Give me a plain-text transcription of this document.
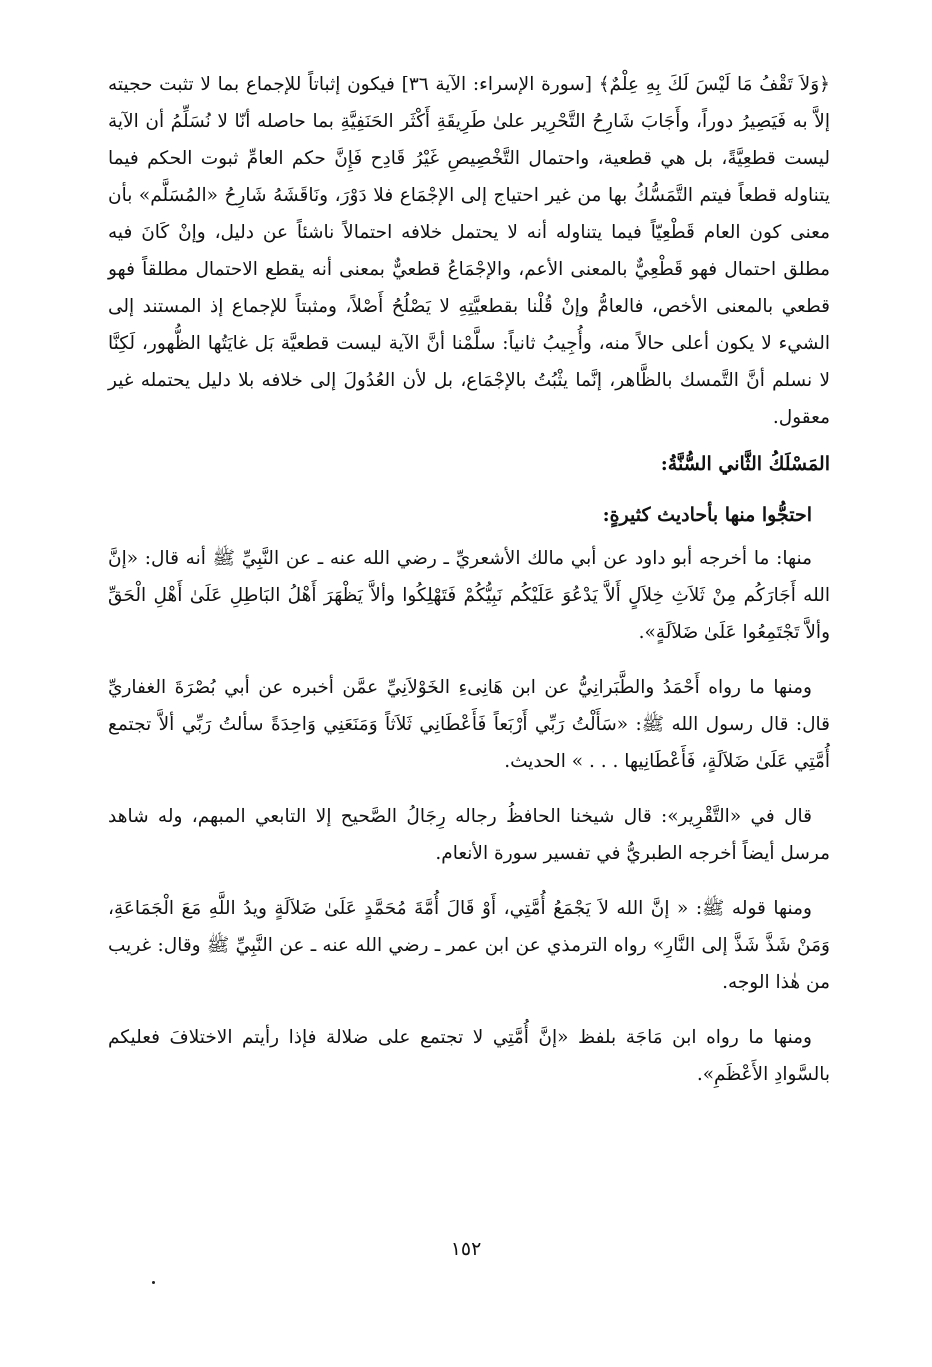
﴿وَلاَ تَقْفُ مَا لَيْسَ لَكَ بِهِ عِلْمٌ﴾ [سورة الإسراء: الآية ٣٦] فيكون إثباتاً للإجماع بما لا تثبت حجيته إلاَّ به فَيَصِيرُ دوراً، وأَجَابَ شَارِحُ التَّحْرِير علىٰ طَرِيقَةِ أَكْثَر الحَنَفِيَّةِ بما حاصله أنّا لا نُسَلِّمُ أن الآية ليست قطعِيَّةً، بل هي قطعية، واحتمال التَّخْصِيصِ غَيْرُ قَادِح فَإِنَّ حكم العامِّ ثبوت الحكم فيما يتناوله قطعاً فيتم التَّمَسُّكُ بها من غير احتياج إلى الإجْمَاع فلا دَوْرَ، ونَاقَشَهُ شَارِحُ «المُسَلَّم» بأن معنى كون العام قَطْعِيّاً فيما يتناوله أنه لا يحتمل خلافه احتمالاً ناشئاً عن دليل، وإنْ كَانَ فيه مطلق احتمال فهو قَطْعِيٌّ بالمعنى الأعم، والإجْمَاعُ قطعيٌّ بمعنى أنه يقطع الاحتمال مطلقاً فهو قطعي بالمعنى الأخص، فالعامُّ وإنْ قُلْنا بقطعيَّتِهِ لا يَصْلُحُ أَصْلاً، ومثبتاً للإجماع إذ المستند إلى الشيء لا يكون أعلى حالاً منه، وأُجِيبُ ثانياً: سلَّمْنا أنَّ الآية ليست قطعيَّة بَل غايَتُها الظُّهور، لَكِنَّا لا نسلم أنَّ التَّمسك بالظَّاهر، إنَّما يثْبُتُ بالإجْمَاع، بل لأن العُدُولَ إلى خلافه بلا دليل يحتمله غير معقول.

المَسْلَكُ الثَّاني السُّنَّةُ:

احتجُّوا منها بأحاديث كثيرةٍ:

منها: ما أخرجه أبو داود عن أبي مالك الأشعريِّ ـ رضي الله عنه ـ عن النَّبِيِّ ﷺ أنه قال: «إنَّ الله أَجَارَكُم مِنْ ثَلاَثِ خِلاَلٍ أَلاَّ يَدْعُوَ عَلَيْكُم نَبِيُّكُمْ فَتَهْلِكُوا وألاَّ يَظْهَرَ أَهْلُ البَاطِلِ عَلَىٰ أَهْلِ الْحَقِّ وألاَّ تَجْتَمِعُوا عَلَىٰ ضَلاَلَةٍ».

ومنها ما رواه أَحْمَدُ والطَّبَرانِيُّ عن ابن هَانِىءِ الخَوْلاَنِيِّ عمَّن أخبره عن أبي بُصْرَةَ الغفاريِّ قال: قال رسول الله ﷺ: «سَأَلْتُ رَبِّي أَرْبَعاً فَأَعْطَانِي ثَلاَثاً وَمَنَعَنِي وَاحِدَةً سألتُ رَبِّي ألاَّ تجتمع أُمَّتِي عَلَىٰ ضَلاَلَةٍ، فَأَعْطَانِيها . . . » الحديث.

قال في «التَّقْرِير»: قال شيخنا الحافظُ رجاله رِجَالُ الصَّحيح إلا التابعي المبهم، وله شاهد مرسل أيضاً أخرجه الطبريُّ في تفسير سورة الأنعام.

ومنها قوله ﷺ: « إنَّ الله لاَ يَجْمَعُ أُمَّتِي، أَوْ قَالَ أُمَّةَ مُحَمَّدٍ عَلَىٰ ضَلاَلَةٍ ويدُ اللَّهِ مَعَ الْجَمَاعَةِ، وَمَنْ شَذَّ شَذَّ إلى النَّارِ» رواه الترمذي عن ابن عمر ـ رضي الله عنه ـ عن النَّبِيِّ ﷺ وقال: غريب من هٰذا الوجه.

ومنها ما رواه ابن مَاجَة بلفظ «إنَّ أُمَّتِي لا تجتمع على ضلالة فإذا رأيتم الاختلافَ فعليكم بالسَّوادِ الأَعْظَمِ».

١٥٢
